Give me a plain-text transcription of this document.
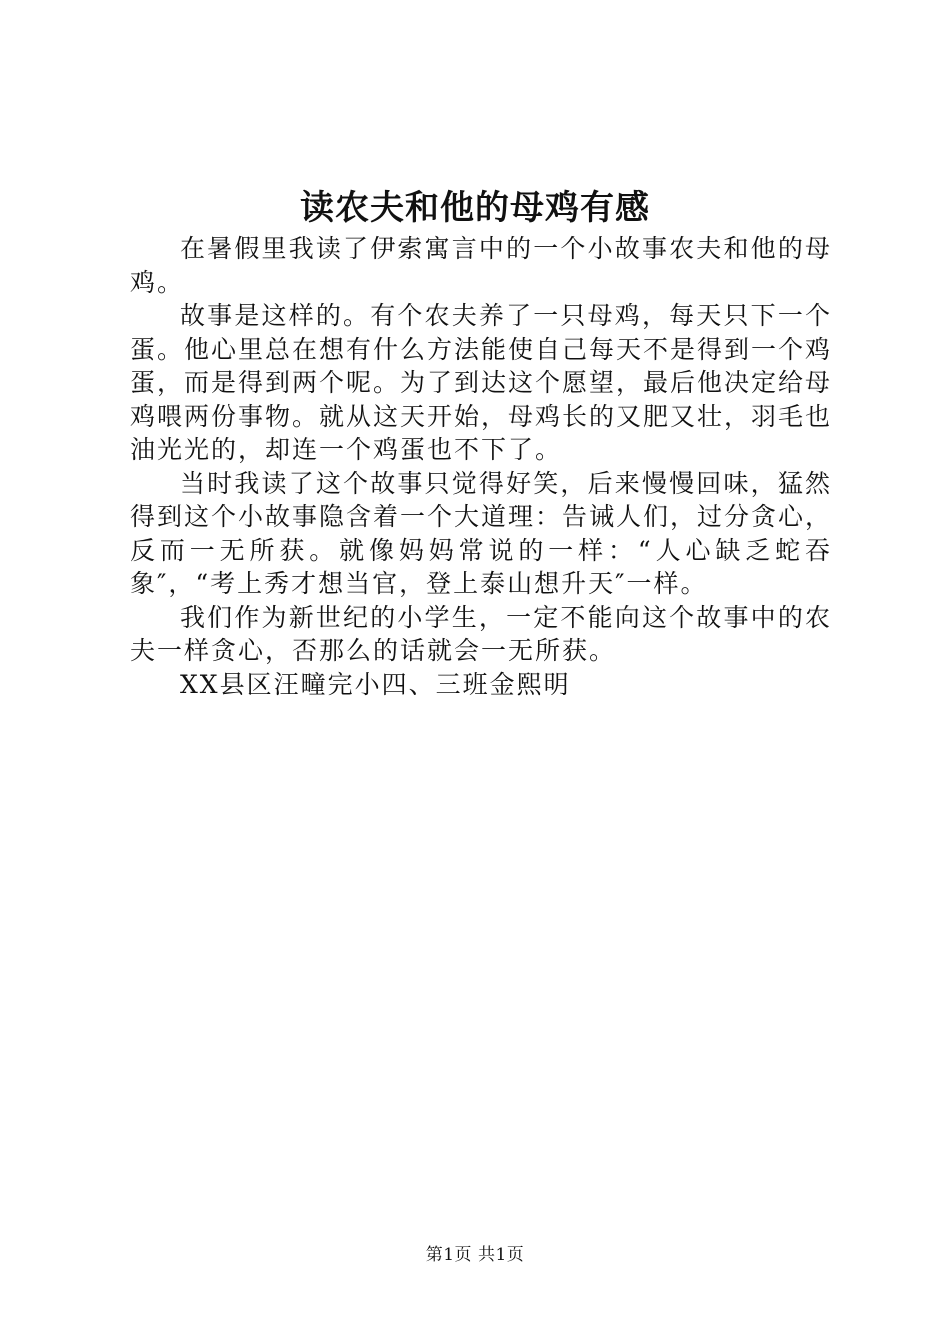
读农夫和他的母鸡有感

在暑假里我读了伊索寓言中的一个小故事农夫和他的母鸡。

故事是这样的。有个农夫养了一只母鸡，每天只下一个蛋。他心里总在想有什么方法能使自己每天不是得到一个鸡蛋，而是得到两个呢。为了到达这个愿望，最后他决定给母鸡喂两份事物。就从这天开始，母鸡长的又肥又壮，羽毛也油光光的，却连一个鸡蛋也不下了。

当时我读了这个故事只觉得好笑，后来慢慢回味，猛然得到这个小故事隐含着一个大道理：告诫人们，过分贪心，反而一无所获。就像妈妈常说的一样：“人心缺乏蛇吞象″，“考上秀才想当官，登上泰山想升天″一样。

我们作为新世纪的小学生，一定不能向这个故事中的农夫一样贪心，否那么的话就会一无所获。

XX县区汪疃完小四、三班金熙明

第1页 共1页
